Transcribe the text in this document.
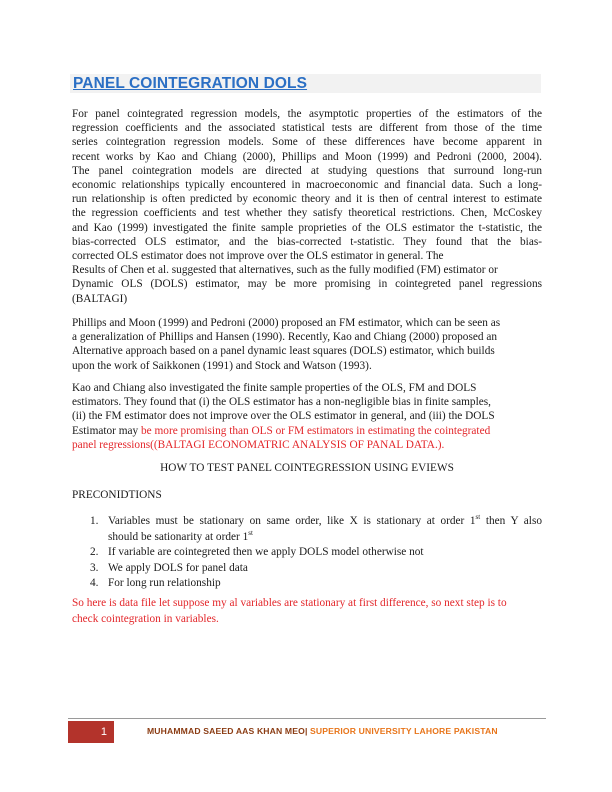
PANEL COINTEGRATION DOLS
For panel cointegrated regression models, the asymptotic properties of the estimators of the
regression coefficients and the associated statistical tests are different from those of the time
series cointegration regression models. Some of these differences have become apparent in
recent works by Kao and Chiang (2000), Phillips and Moon (1999) and Pedroni (2000, 2004).
The panel cointegration models are directed at studying questions that surround long-run
economic relationships typically encountered in macroeconomic and financial data. Such a long-
run relationship is often predicted by economic theory and it is then of central interest to estimate
the regression coefficients and test whether they satisfy theoretical restrictions. Chen, McCoskey
and Kao (1999) investigated the finite sample proprieties of the OLS estimator the t-statistic, the
bias-corrected OLS estimator, and the bias-corrected t-statistic. They found that the bias-
corrected OLS estimator does not improve over the OLS estimator in general. The
Results of Chen et al. suggested that alternatives, such as the fully modified (FM) estimator or
Dynamic OLS (DOLS) estimator, may be more promising in cointegreted panel regressions
(BALTAGI)
Phillips and Moon (1999) and Pedroni (2000) proposed an FM estimator, which can be seen as
a generalization of Phillips and Hansen (1990). Recently, Kao and Chiang (2000) proposed an
Alternative approach based on a panel dynamic least squares (DOLS) estimator, which builds
upon the work of Saikkonen (1991) and Stock and Watson (1993).
Kao and Chiang also investigated the finite sample properties of the OLS, FM and DOLS
estimators. They found that (i) the OLS estimator has a non-negligible bias in finite samples,
(ii) the FM estimator does not improve over the OLS estimator in general, and (iii) the DOLS
Estimator may be more promising than OLS or FM estimators in estimating the cointegrated
panel regressions((BALTAGI ECONOMATRIC ANALYSIS OF PANAL DATA.).
HOW TO TEST PANEL COINTEGRESSION USING EVIEWS
PRECONIDTIONS
1. Variables must be stationary on same order, like X is stationary at order 1st then Y also
should be sationarity at order 1st
2. If variable are cointegreted then we apply DOLS model otherwise not
3. We apply DOLS for panel data
4. For long run relationship
So here is data file let suppose my al variables are stationary at first difference, so next step is to
check cointegration in variables.
1	MUHAMMAD SAEED AAS KHAN MEO| SUPERIOR UNIVERSITY LAHORE PAKISTAN
